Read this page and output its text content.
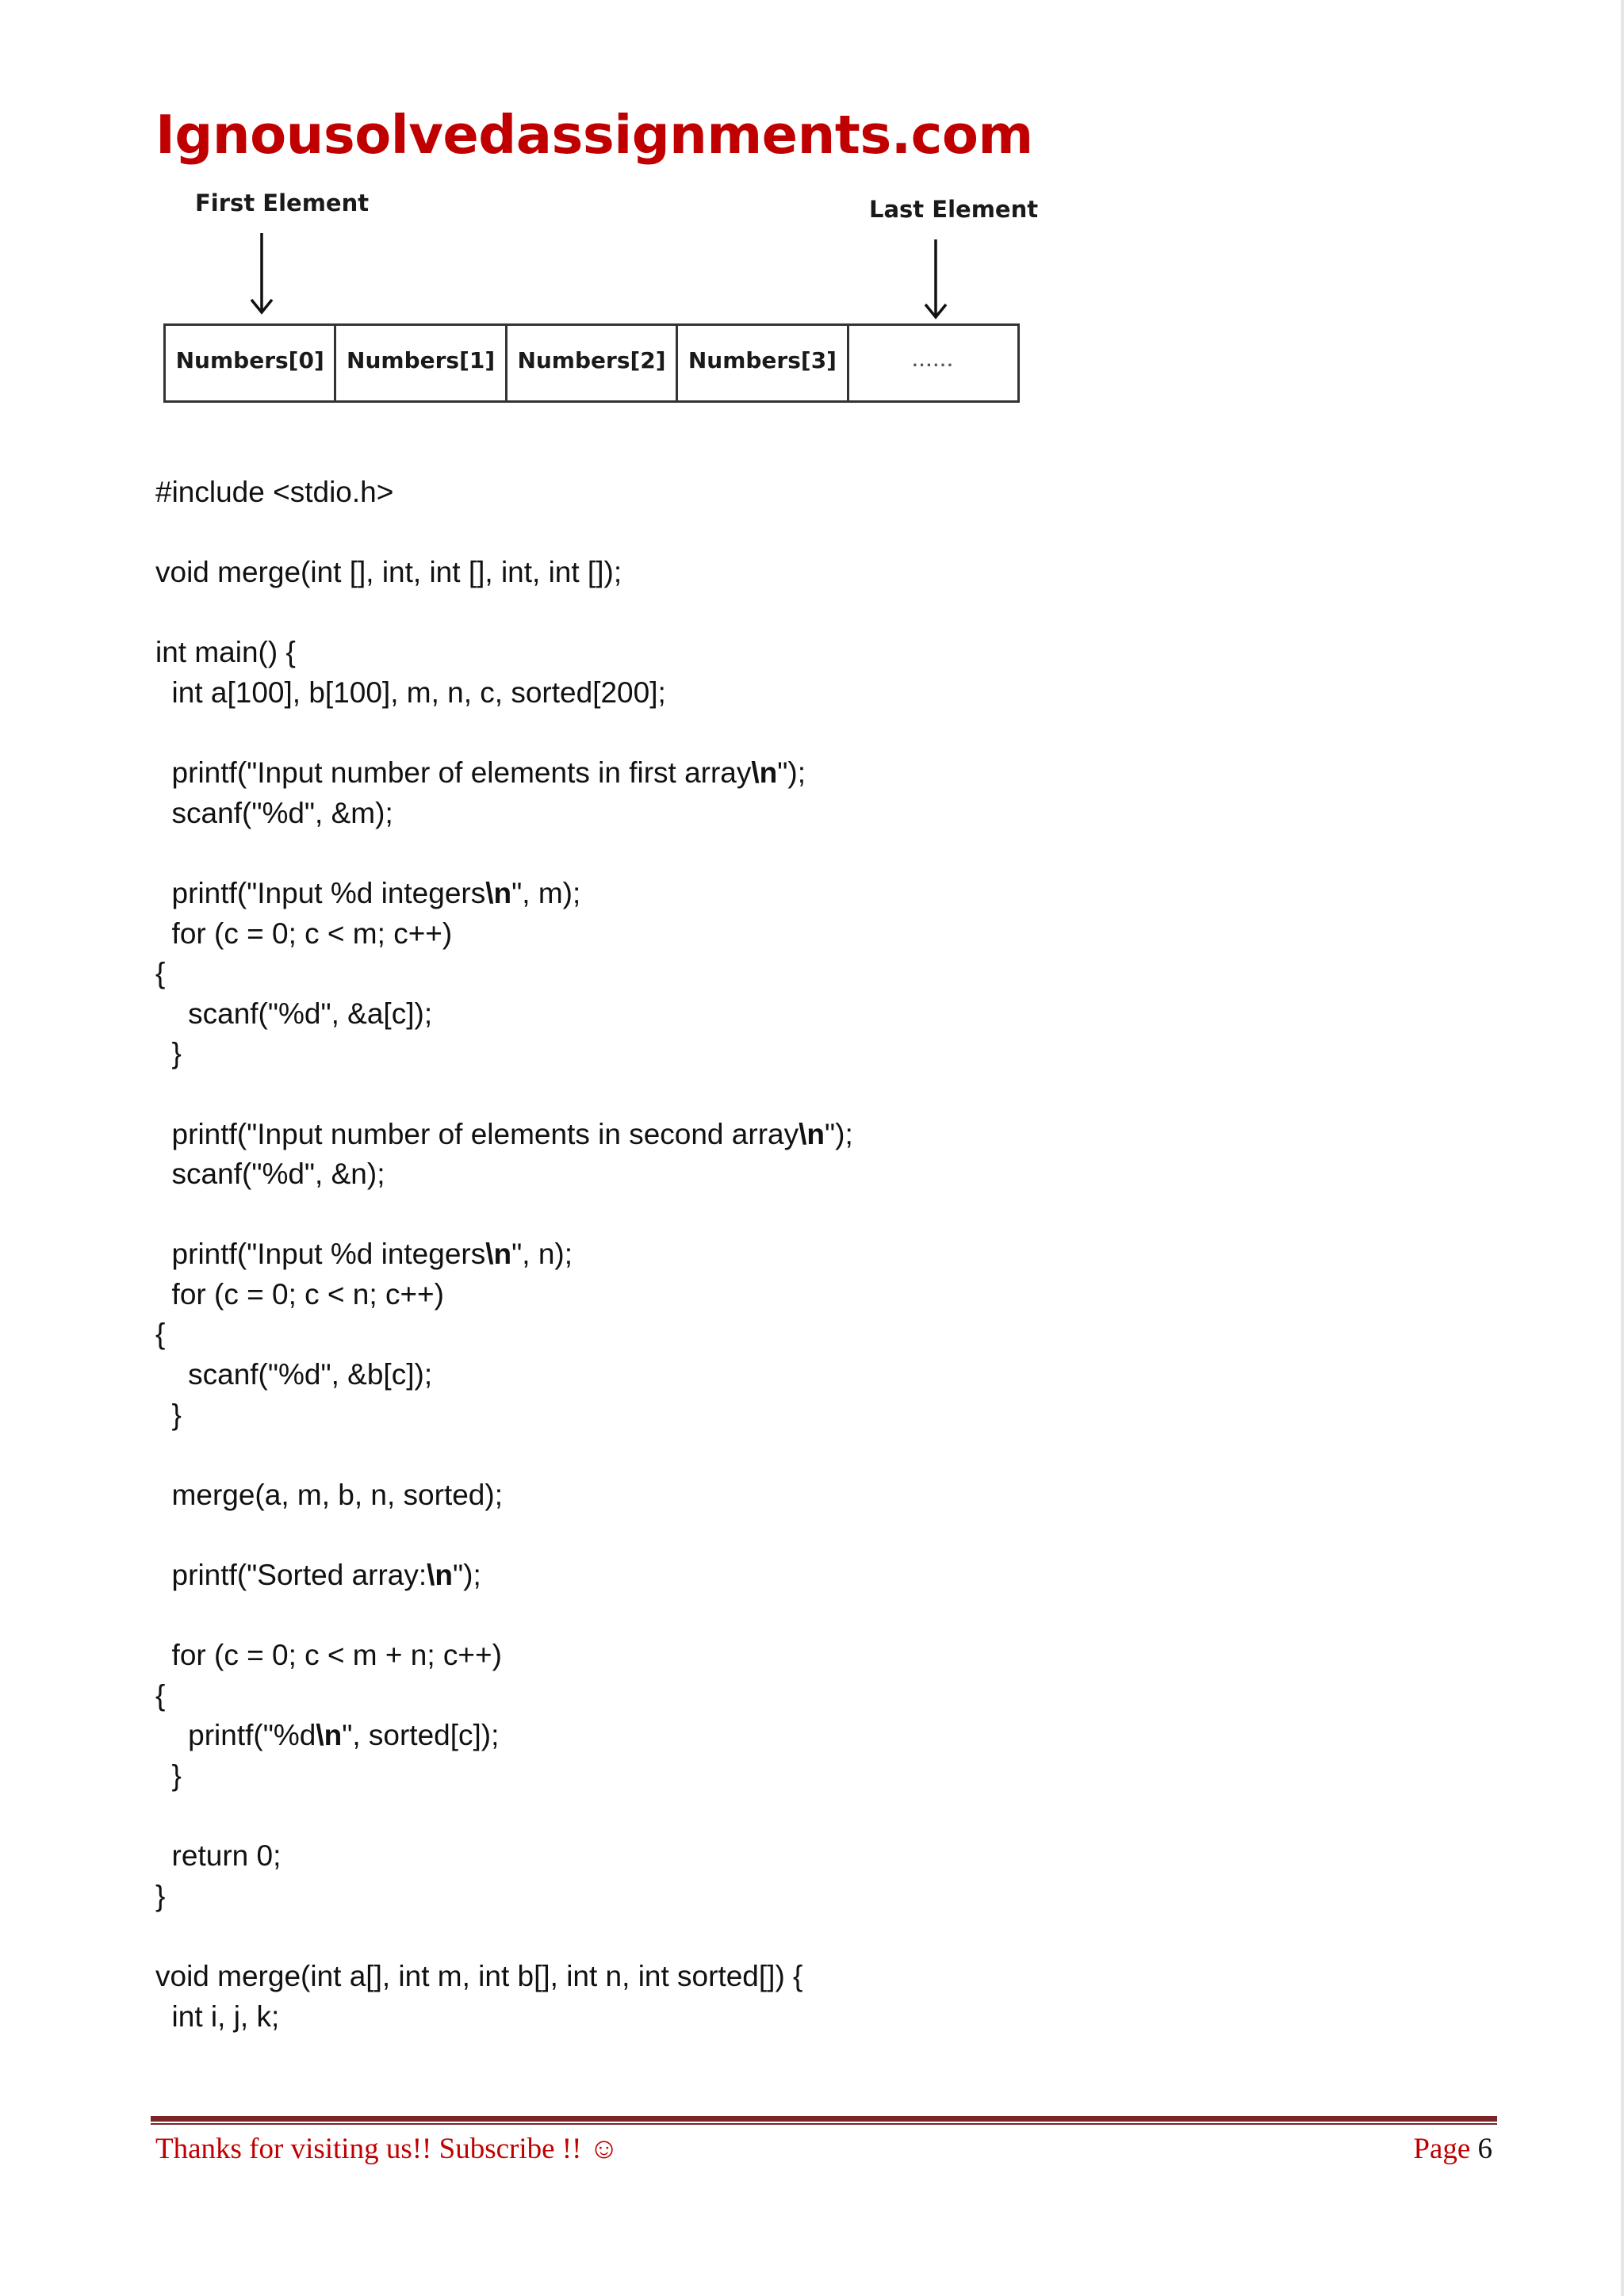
Ignousolvedassignments.com
First Element	Last Element
Numbers[0]	Numbers[1]	Numbers[2]	Numbers[3]	......
#include <stdio.h>

void merge(int [], int, int [], int, int []);

int main() {
int a[100], b[100], m, n, c, sorted[200];

printf("Input number of elements in first array\n");
scanf("%d", &m);

printf("Input %d integers\n", m);
for (c = 0; c < m; c++)
{
scanf("%d", &a[c]);
}

printf("Input number of elements in second array\n");
scanf("%d", &n);

printf("Input %d integers\n", n);
for (c = 0; c < n; c++)
{
scanf("%d", &b[c]);
}

merge(a, m, b, n, sorted);

printf("Sorted array:\n");

for (c = 0; c < m + n; c++)
{
printf("%d\n", sorted[c]);
}

return 0;
}

void merge(int a[], int m, int b[], int n, int sorted[]) {
int i, j, k;
Thanks for visiting us!! Subscribe !! ☺	Page 6
